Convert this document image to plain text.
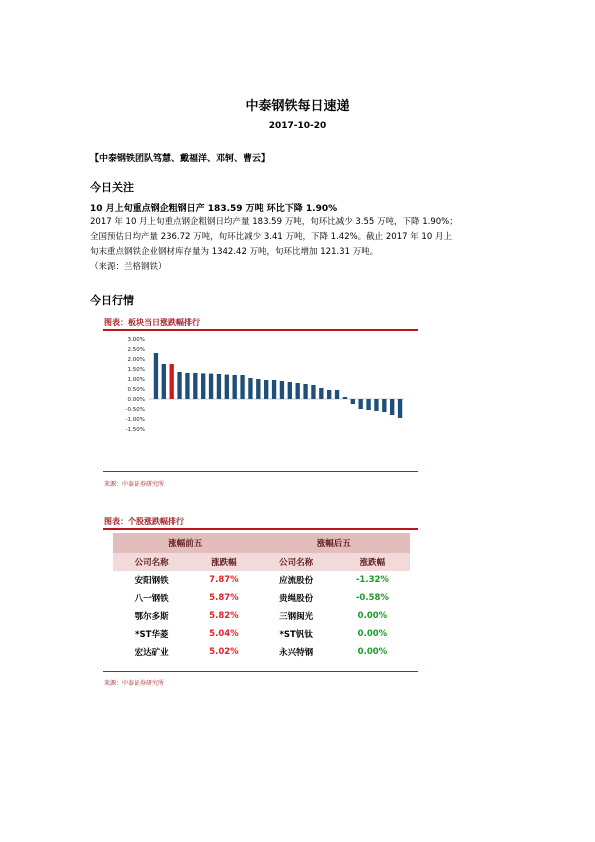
中泰钢铁每日速递
2017-10-20
【中泰钢铁团队笃慧、戴福洋、邓轲、曹云】
今日关注
10 月上旬重点钢企粗钢日产 183.59 万吨 环比下降 1.90%

2017 年 10 月上旬重点钢企粗钢日均产量 183.59 万吨，旬环比减少 3.55 万吨，下降 1.90%；

全国预估日均产量 236.72 万吨，旬环比减少 3.41 万吨，下降 1.42%。截止 2017 年 10 月上

旬末重点钢铁企业钢材库存量为 1342.42 万吨，旬环比增加 121.31 万吨。

（来源：兰格钢铁）

今日行情
图表：板块当日涨跌幅排行
3.00%
2.50%
2.00%
1.50%
1.00%
0.50%
0.00%
-0.50%
-1.00%
-1.50%
来源：中泰证券研究所
图表：个股涨跌幅排行
涨幅前五		涨幅后五	
公司名称	涨跌幅	公司名称	涨跌幅
安阳钢铁	7.87%	应流股份	-1.32%
八一钢铁	5.87%	贵绳股份	-0.58%
鄂尔多斯	5.82%	三钢闽光	0.00%
*ST华菱	5.04%	*ST钒钛	0.00%
宏达矿业	5.02%	永兴特钢	0.00%
来源：中泰证券研究所
